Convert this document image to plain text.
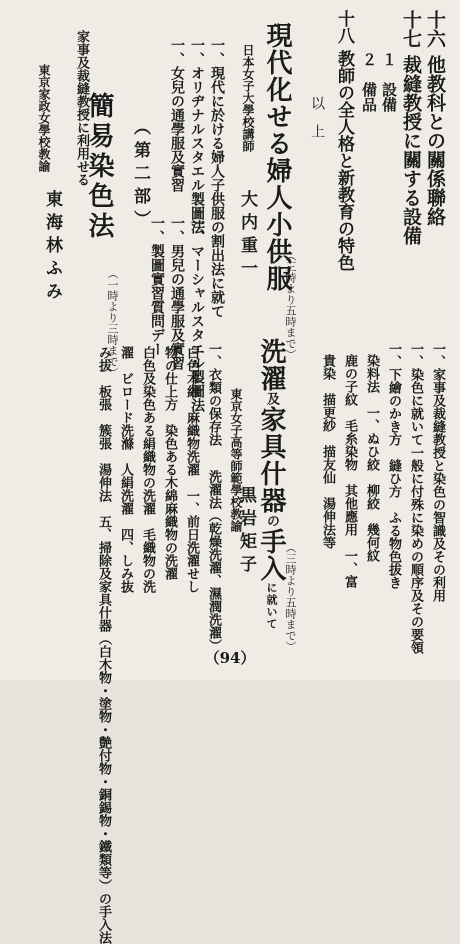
十六 他教科との關係聯絡
十七 裁縫教授に關する設備
１　設備
２　備品
十八 教師の全人格と新教育の特色
以　上
現代化せる婦人小供服
（三時より五時まで）
日本女子大學校講師
大内重一
一、現代に於ける婦人子供服の割出法に就て
一、オリヂナルスタエル製圖法
一、マーシャルスタエル製圖法
一、男兒の通學服及實習
一、女兒の通學服及實習
一、製圖實習質問デー
（第二部）
家事及裁縫教授に利用せる
簡易染色法
（一時より三時まで）
東京家政女學校教諭
東海林ふみ
洗濯及家具什器の手入に就いて （三時より五時まで）
東京女子高等師範學校教諭
黒岩矩子
一、衣類の保存法
　　洗濯法（乾燥洗濯、濕潤洗濯）
白色木綿　麻織物洗濯　一、前日洗濯せし
物の仕上方　染色ある木綿麻織物の洗濯
白色及染色ある絹織物の洗濯　毛織物の洗
濯　ビロード洗滌　人絹洗濯　四、しみ抜
み拔　板張　簇張　湯伸法　五、掃除及家具什器（白木物・塗物・艶付物・銅錫物・鐵類等）の手入法	一、家事及裁縫教授と染色の智識及その利用
一、染色に就いて一般に付殊に染めの順序及その要領
一、下繪のかき方　縫ひ方　ふる物色拔き
染料法　一、ぬひ絞　柳絞　幾何紋
鹿の子紋　毛糸染物　其他應用　一、富
貴染　描更紗　描友仙　湯伸法等
（94）
